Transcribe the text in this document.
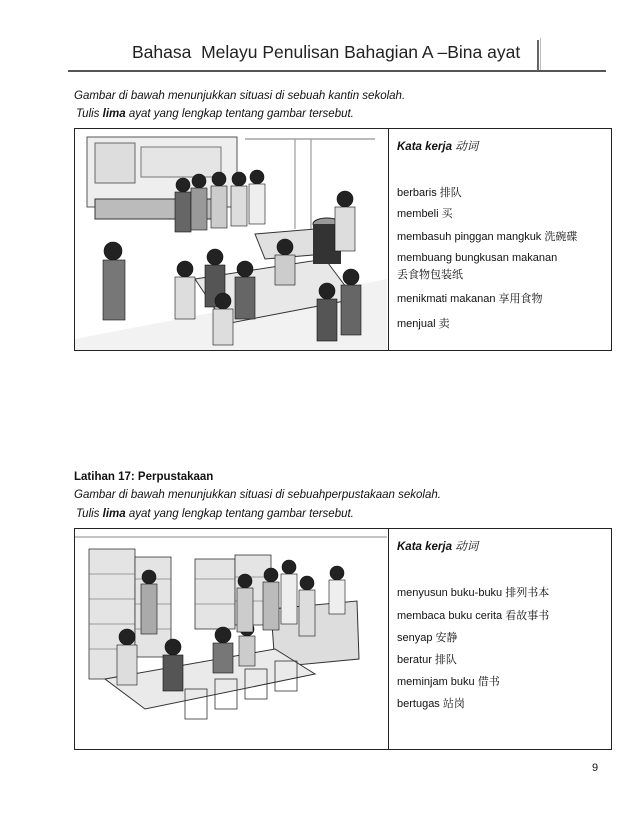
Bahasa  Melayu Penulisan Bahagian A –Bina ayat
Gambar di bawah menunjukkan situasi di sebuah kantin sekolah.
Tulis lima ayat yang lengkap tentang gambar tersebut.
Kata kerja 动词
berbaris 排队
membeli 买
membasuh pinggan mangkuk 洗碗碟
membuang bungkusan makanan
丢食物包装纸
menikmati makanan 享用食物
menjual 卖
Latihan 17: Perpustakaan
Gambar di bawah menunjukkan situasi di sebuahperpustakaan sekolah.
Tulis lima ayat yang lengkap tentang gambar tersebut.
Kata kerja 动词
menyusun buku-buku 排列书本
membaca buku cerita 看故事书
senyap 安静
beratur 排队
meminjam buku 借书
bertugas 站岗
9
